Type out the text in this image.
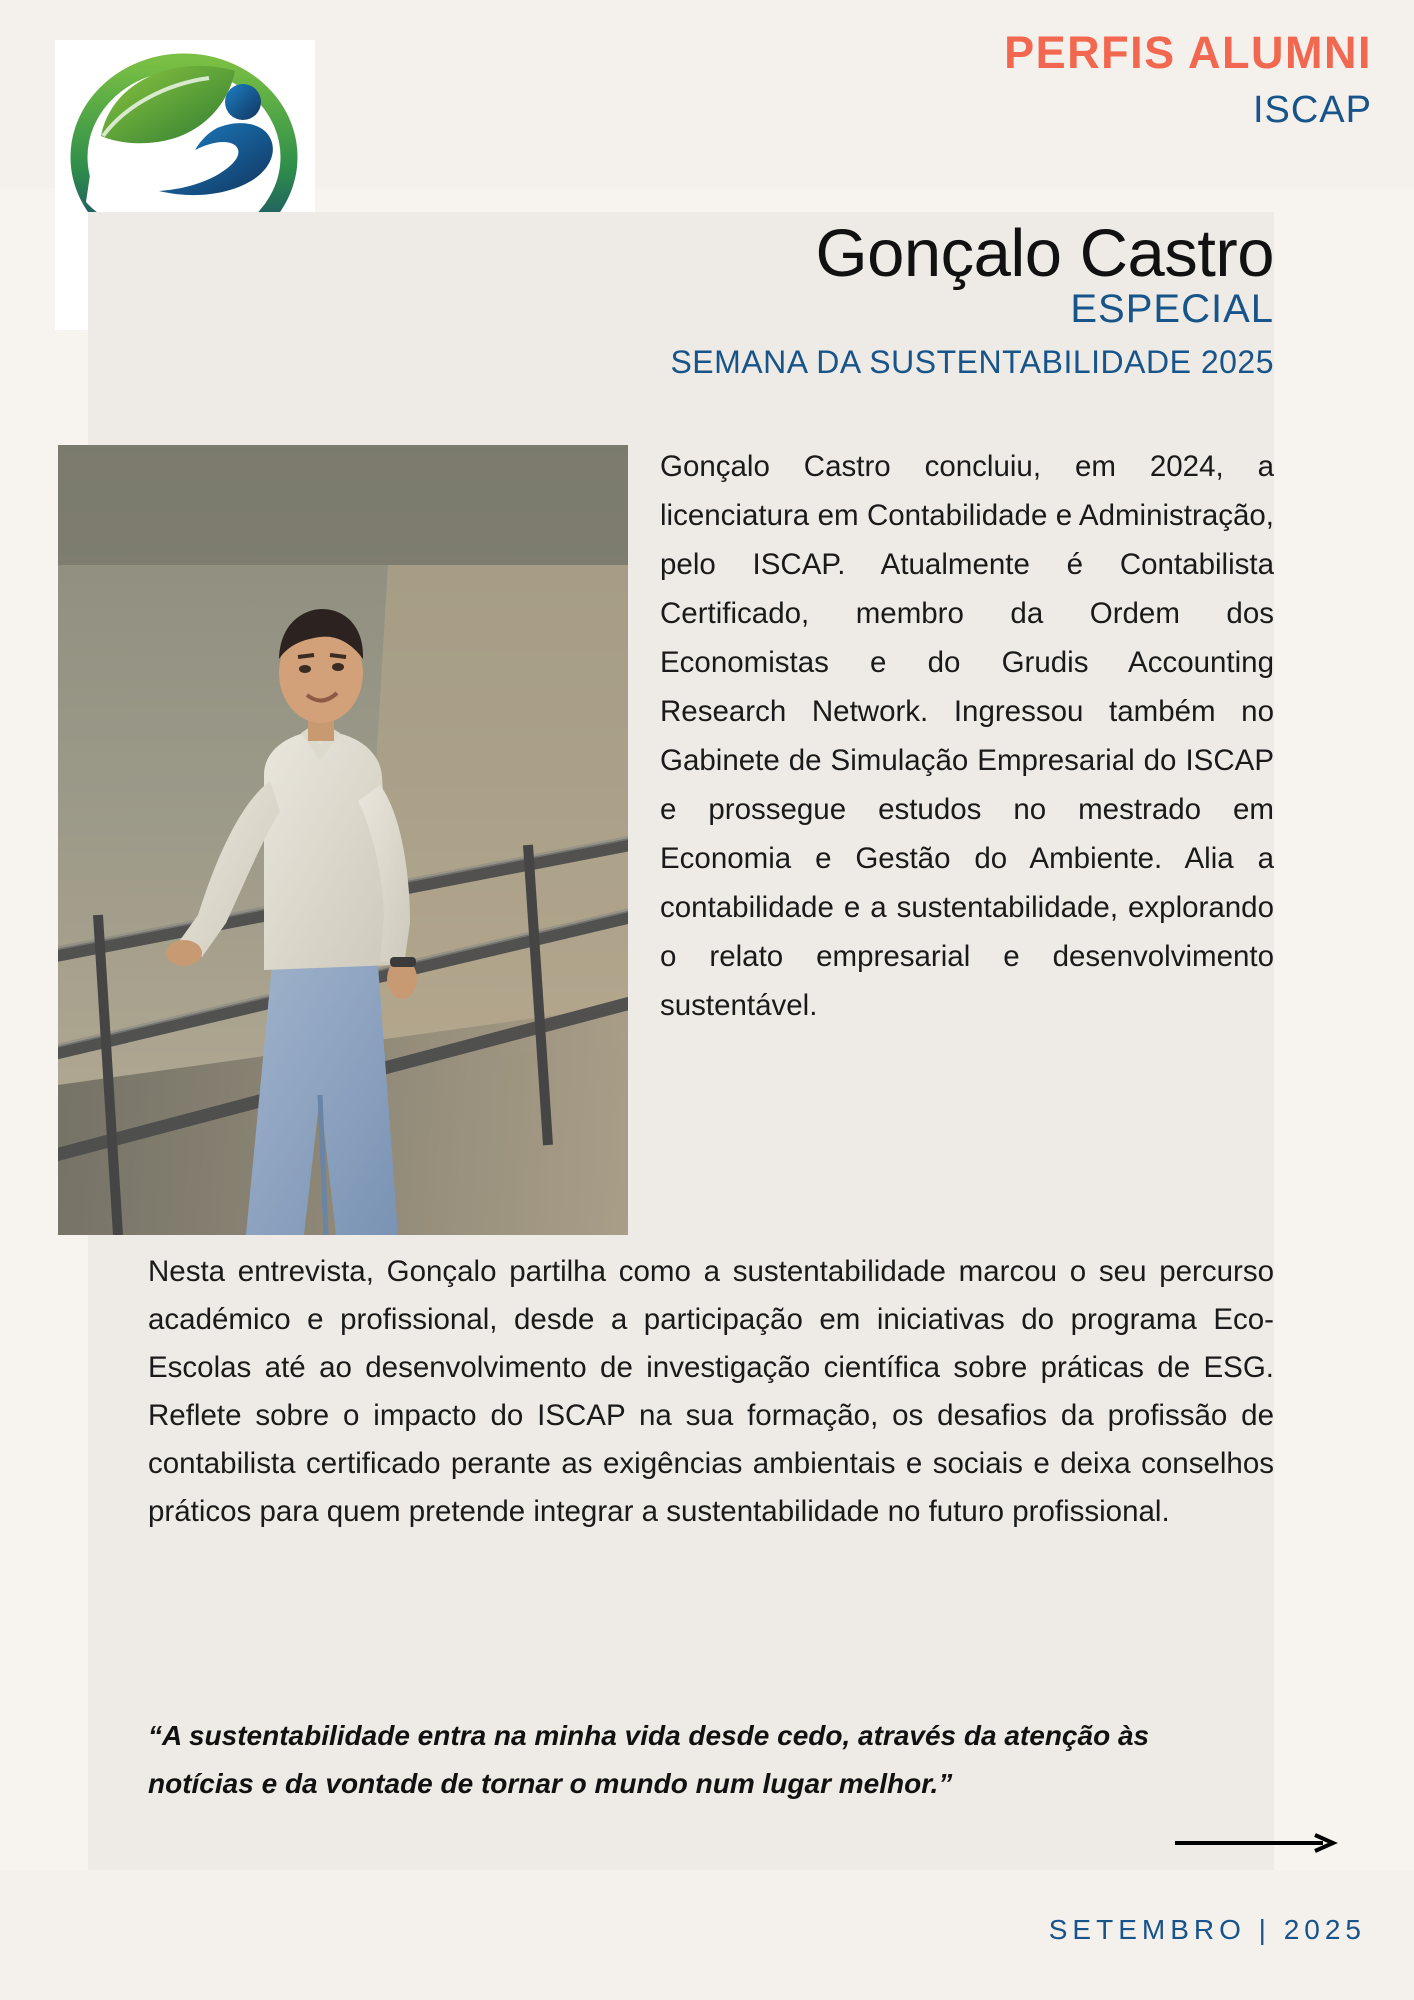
PERFIS ALUMNI
ISCAP
Gonçalo Castro
ESPECIAL
SEMANA DA SUSTENTABILIDADE 2025
Gonçalo Castro concluiu, em 2024, a licenciatura em Contabilidade e Administração, pelo ISCAP. Atualmente é Contabilista Certificado, membro da Ordem dos Economistas e do Grudis Accounting Research Network. Ingressou também no Gabinete de Simulação Empresarial do ISCAP e prossegue estudos no mestrado em Economia e Gestão do Ambiente. Alia a contabilidade e a sustentabilidade, explorando o relato empresarial e desenvolvimento sustentável.
Nesta entrevista, Gonçalo partilha como a sustentabilidade marcou o seu percurso académico e profissional, desde a participação em iniciativas do programa Eco-Escolas até ao desenvolvimento de investigação científica sobre práticas de ESG. Reflete sobre o impacto do ISCAP na sua formação, os desafios da profissão de contabilista certificado perante as exigências ambientais e sociais e deixa conselhos práticos para quem pretende integrar a sustentabilidade no futuro profissional.
“A sustentabilidade entra na minha vida desde cedo, através da atenção às notícias e da vontade de tornar o mundo num lugar melhor.”
SETEMBRO | 2025
